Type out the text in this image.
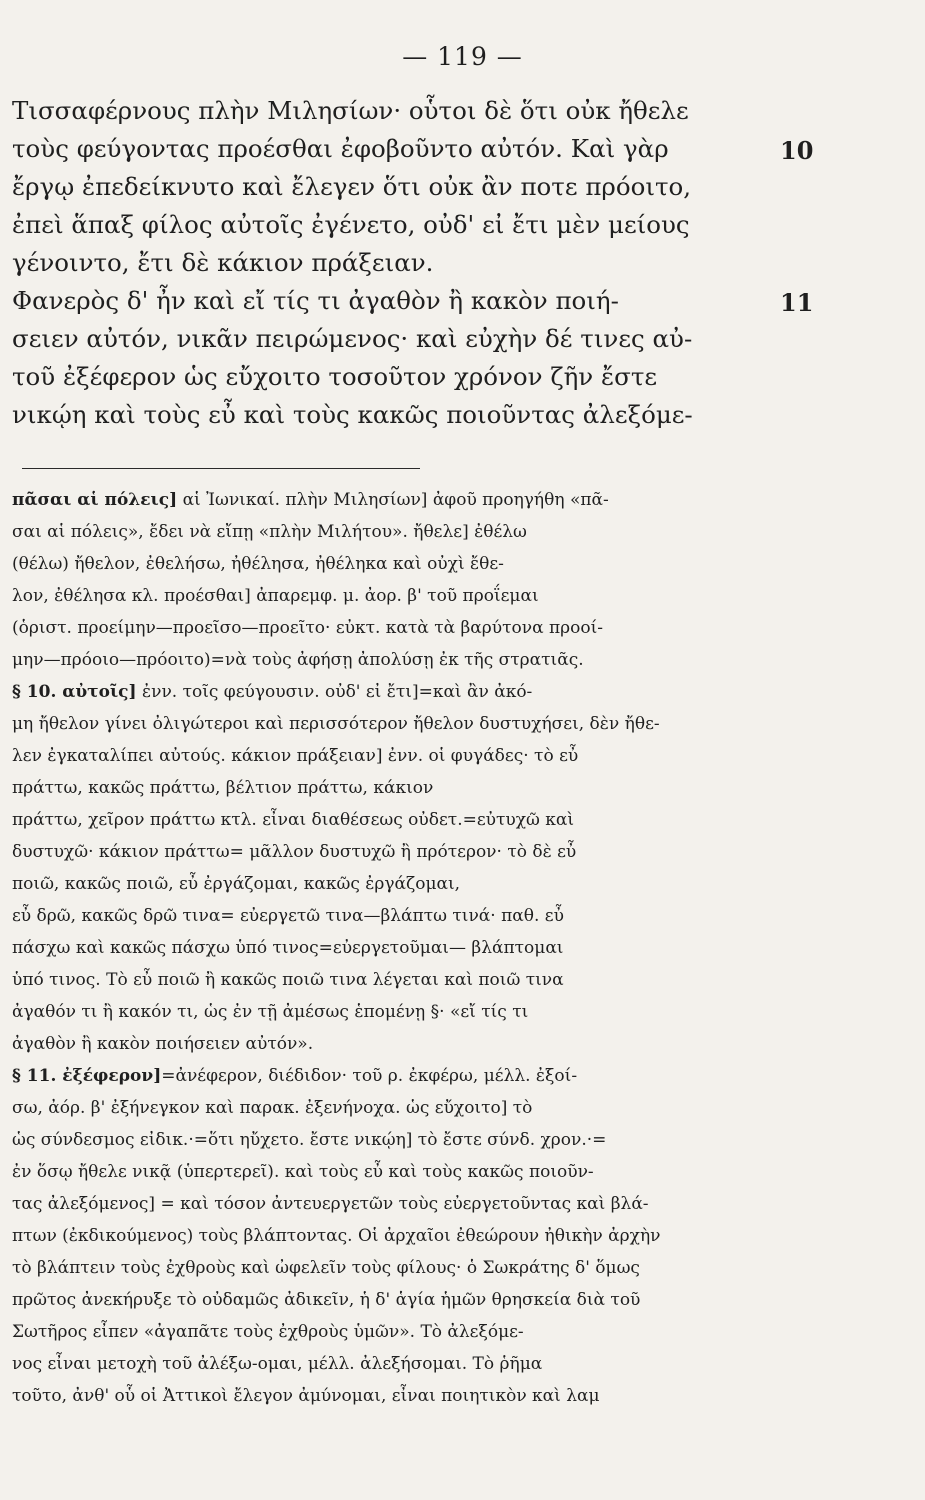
— 119 —
Τισσαφέρνους πλὴν Μιλησίων· οὗτοι δὲ ὅτι οὐκ ἤθελε
τοὺς φεύγοντας προέσθαι ἐφοβοῦντο αὐτόν. Καὶ γὰρ
ἔργῳ ἐπεδείκνυτο καὶ ἔλεγεν ὅτι οὐκ ἂν ποτε πρόοιτο,
ἐπεὶ ἅπαξ φίλος αὐτοῖς ἐγένετο, οὐδ' εἰ ἔτι μὲν μείους
γένοιντο, ἔτι δὲ κάκιον πράξειαν.
Φανερὸς δ' ἦν καὶ εἴ τίς τι ἀγαθὸν ἢ κακὸν ποιή-
σειεν αὐτόν, νικᾶν πειρώμενος· καὶ εὐχὴν δέ τινες αὐ-
τοῦ ἐξέφερον ὡς εὔχοιτο τοσοῦτον χρόνον ζῆν ἔστε
νικῴη καὶ τοὺς εὖ καὶ τοὺς κακῶς ποιοῦντας ἀλεξόμε-
10
11
πᾶσαι αἱ πόλεις] αἱ Ἰωνικαί. πλὴν Μιλησίων] ἀφοῦ προηγήθη «πᾶ-
σαι αἱ πόλεις», ἔδει νὰ εἴπῃ «πλὴν Μιλήτου». ἤθελε] ἐθέλω
(θέλω) ἤθελον, ἐθελήσω, ἠθέλησα, ἠθέληκα καὶ οὐχὶ ἔθε-
λον, ἐθέλησα κλ. προέσθαι] ἀπαρεμφ. μ. ἀορ. β' τοῦ προΐεμαι
(ὁριστ. προείμην—προεῖσο—προεῖτο· εὐκτ. κατὰ τὰ βαρύτονα προοί-
μην—πρόοιο—πρόοιτο)=νὰ τοὺς ἀφήσῃ ἀπολύσῃ ἐκ τῆς στρατιᾶς.
§ 10. αὐτοῖς] ἐνν. τοῖς φεύγουσιν. οὐδ' εἰ ἔτι]=καὶ ἂν ἀκό-
μη ἤθελον γίνει ὀλιγώτεροι καὶ περισσότερον ἤθελον δυστυχήσει, δὲν ἤθε-
λεν ἐγκαταλίπει αὐτούς. κάκιον πράξειαν] ἐνν. οἱ φυγάδες· τὸ εὖ
πράττω, κακῶς πράττω, βέλτιον πράττω, κάκιον
πράττω, χεῖρον πράττω κτλ. εἶναι διαθέσεως οὐδετ.=εὐτυχῶ καὶ
δυστυχῶ· κάκιον πράττω= μᾶλλον δυστυχῶ ἢ πρότερον· τὸ δὲ εὖ
ποιῶ, κακῶς ποιῶ, εὖ ἐργάζομαι, κακῶς ἐργάζομαι,
εὖ δρῶ, κακῶς δρῶ τινα= εὐεργετῶ τινα—βλάπτω τινά· παθ. εὖ
πάσχω καὶ κακῶς πάσχω ὑπό τινος=εὐεργετοῦμαι— βλάπτομαι
ὑπό τινος. Τὸ εὖ ποιῶ ἢ κακῶς ποιῶ τινα λέγεται καὶ ποιῶ τινα
ἀγαθόν τι ἢ κακόν τι, ὡς ἐν τῇ ἀμέσως ἑπομένῃ §· «εἴ τίς τι
ἀγαθὸν ἢ κακὸν ποιήσειεν αὐτόν».
§ 11. ἐξέφερον]=ἀνέφερον, διέδιδον· τοῦ ρ. ἐκφέρω, μέλλ. ἐξοί-
σω, ἀόρ. β' ἐξήνεγκον καὶ παρακ. ἐξενήνοχα. ὡς εὔχοιτο] τὸ
ὡς σύνδεσμος εἰδικ.·=ὅτι ηὔχετο. ἔστε νικῴη] τὸ ἔστε σύνδ. χρον.·=
ἐν ὅσῳ ἤθελε νικᾷ (ὑπερτερεῖ). καὶ τοὺς εὖ καὶ τοὺς κακῶς ποιοῦν-
τας ἀλεξόμενος] = καὶ τόσον ἀντευεργετῶν τοὺς εὐεργετοῦντας καὶ βλά-
πτων (ἐκδικούμενος) τοὺς βλάπτοντας. Οἱ ἀρχαῖοι ἐθεώρουν ἠθικὴν ἀρχὴν
τὸ βλάπτειν τοὺς ἐχθροὺς καὶ ὠφελεῖν τοὺς φίλους· ὁ Σωκράτης δ' ὅμως
πρῶτος ἀνεκήρυξε τὸ οὐδαμῶς ἀδικεῖν, ἡ δ' ἁγία ἡμῶν θρησκεία διὰ τοῦ
Σωτῆρος εἶπεν «ἀγαπᾶτε τοὺς ἐχθροὺς ὑμῶν». Τὸ ἀλεξόμε-
νος εἶναι μετοχὴ τοῦ ἀλέξω-ομαι, μέλλ. ἀλεξήσομαι. Τὸ ῥῆμα
τοῦτο, ἀνθ' οὗ οἱ Ἀττικοὶ ἔλεγον ἀμύνομαι, εἶναι ποιητικὸν καὶ λαμ
